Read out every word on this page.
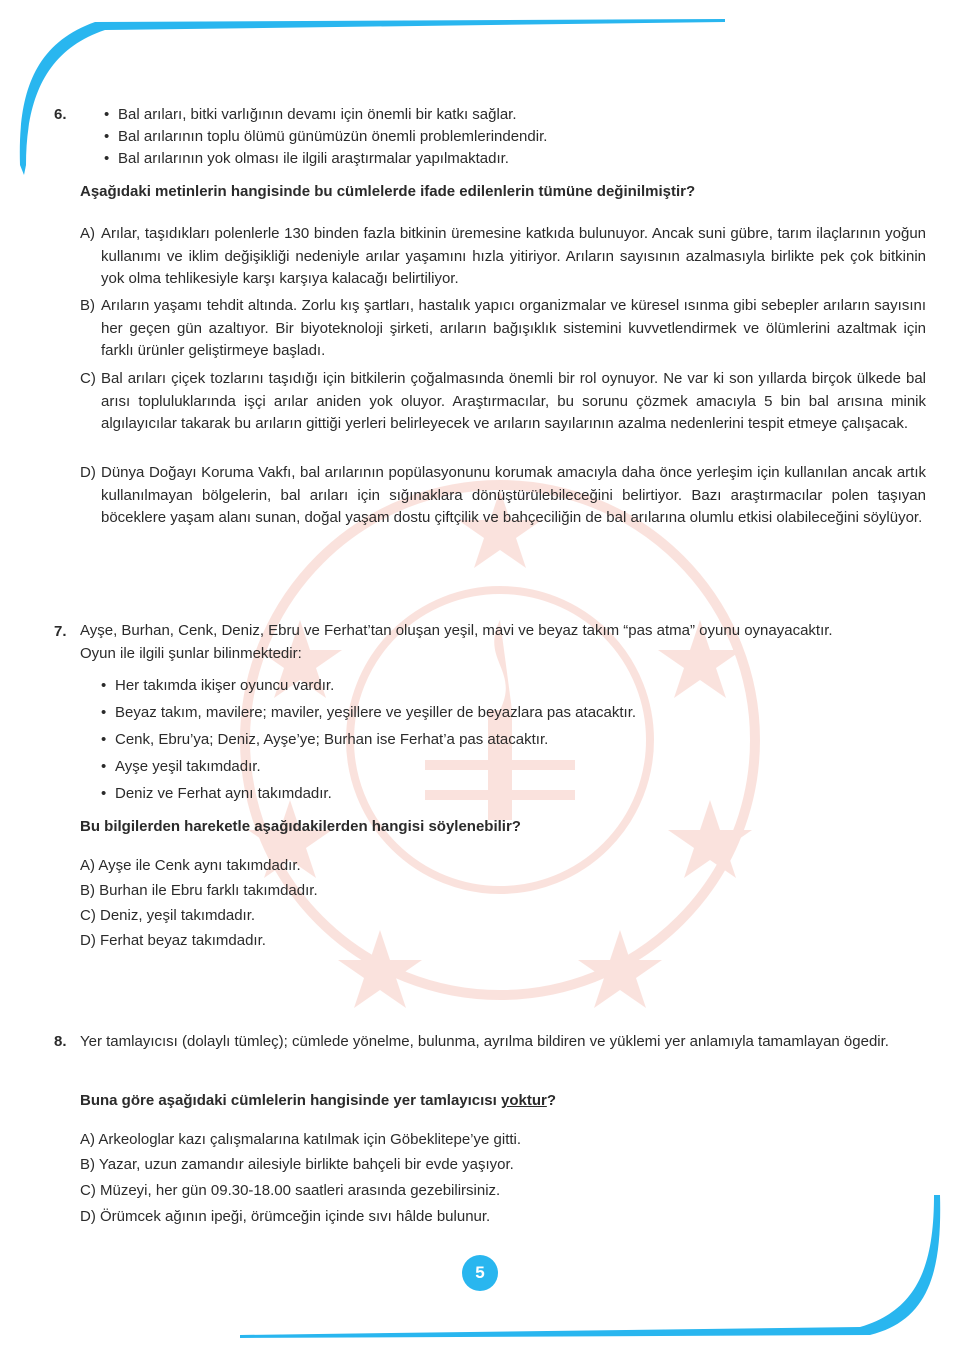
6.
•	Bal arıları, bitki varlığının devamı için önemli bir katkı sağlar.
• Bal arılarının toplu ölümü günümüzün önemli problemlerindendir.
• Bal arılarının yok olması ile ilgili araştırmalar yapılmaktadır.
Aşağıdaki metinlerin hangisinde bu cümlelerde ifade edilenlerin tümüne değinilmiştir?
A) Arılar, taşıdıkları polenlerle 130 binden fazla bitkinin üremesine katkıda bulunuyor. Ancak suni gübre, tarım ilaçlarının yoğun kullanımı ve iklim değişikliği nedeniyle arılar yaşamını hızla yitiriyor. Arıların sayısının azalmasıyla birlikte pek çok bitkinin yok olma tehlikesiyle karşı karşıya kalacağı belirtiliyor.
B) Arıların yaşamı tehdit altında. Zorlu kış şartları, hastalık yapıcı organizmalar ve küresel ısınma gibi sebepler arıların sayısını her geçen gün azaltıyor. Bir biyoteknoloji şirketi, arıların bağışıklık sistemini kuvvetlendirmek ve ölümlerini azaltmak için farklı ürünler geliştirmeye başladı.
C) Bal arıları çiçek tozlarını taşıdığı için bitkilerin çoğalmasında önemli bir rol oynuyor. Ne var ki son yıllarda birçok ülkede bal arısı topluluklarında işçi arılar aniden yok oluyor. Araştırmacılar, bu sorunu çözmek amacıyla 5 bin bal arısına minik algılayıcılar takarak bu arıların gittiği yerleri belirleyecek ve arıların sayılarının azalma nedenlerini tespit etmeye çalışacak.
D) Dünya Doğayı Koruma Vakfı, bal arılarının popülasyonunu korumak amacıyla daha önce yerleşim için kullanılan ancak artık kullanılmayan bölgelerin, bal arıları için sığınaklara dönüştürülebileceğini belirtiyor. Bazı araştırmacılar polen taşıyan böceklere yaşam alanı sunan, doğal yaşam dostu çiftçilik ve bahçeciliğin de bal arılarına olumlu etkisi olabileceğini söylüyor.
7. Ayşe, Burhan, Cenk, Deniz, Ebru ve Ferhat’tan oluşan yeşil, mavi ve beyaz takım “pas atma” oyunu oynayacaktır.
Oyun ile ilgili şunlar bilinmektedir:
• Her takımda ikişer oyuncu vardır.
• Beyaz takım, mavilere; maviler, yeşillere ve yeşiller de beyazlara pas atacaktır.
• Cenk, Ebru’ya; Deniz, Ayşe’ye; Burhan ise Ferhat’a pas atacaktır.
• Ayşe yeşil takımdadır.
• Deniz ve Ferhat aynı takımdadır.
Bu bilgilerden hareketle aşağıdakilerden hangisi söylenebilir?
A) Ayşe ile Cenk aynı takımdadır.
B) Burhan ile Ebru farklı takımdadır.
C) Deniz, yeşil takımdadır.
D) Ferhat beyaz takımdadır.
8. Yer tamlayıcısı (dolaylı tümleç); cümlede yönelme, bulunma, ayrılma bildiren ve yüklemi yer anlamıyla tamamlayan ögedir.
Buna göre aşağıdaki cümlelerin hangisinde yer tamlayıcısı yoktur?
A) Arkeologlar kazı çalışmalarına katılmak için Göbeklitepe’ye gitti.
B) Yazar, uzun zamandır ailesiyle birlikte bahçeli bir evde yaşıyor.
C) Müzeyi, her gün 09.30-18.00 saatleri arasında gezebilirsiniz.
D) Örümcek ağının ipeği, örümceğin içinde sıvı hâlde bulunur.
5
